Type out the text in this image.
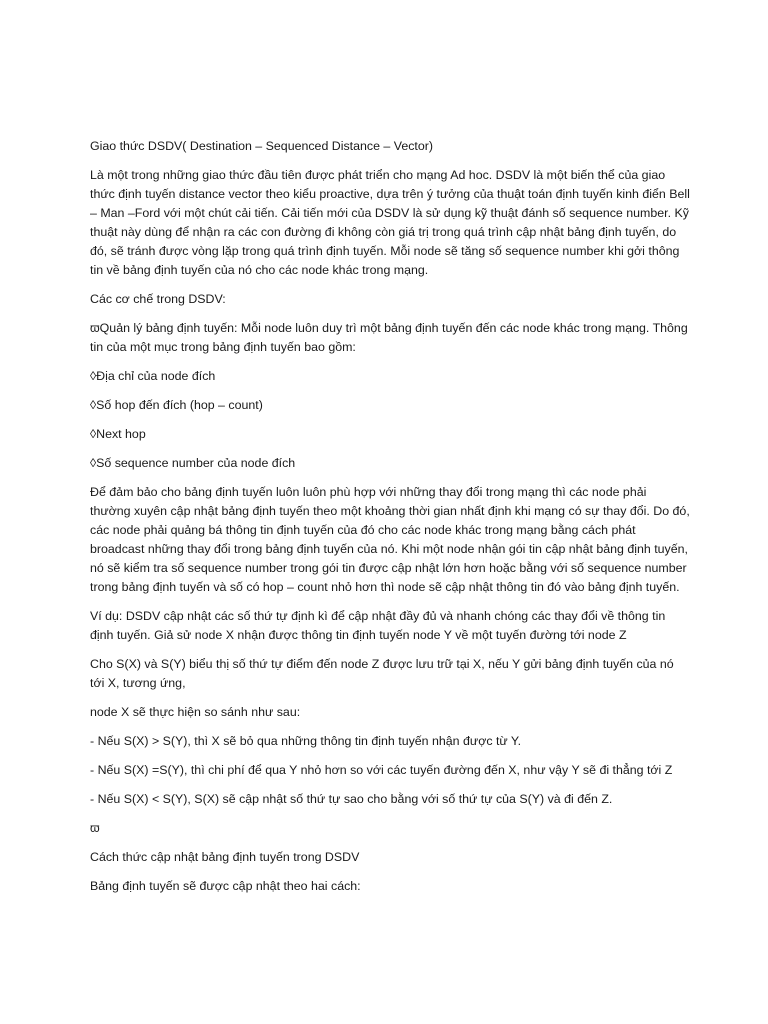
Giao thức DSDV( Destination – Sequenced Distance – Vector)

Là một trong những giao thức đầu tiên được phát triển cho mạng Ad hoc. DSDV là một biến thể của giao thức định tuyến distance vector theo kiểu proactive, dựa trên ý tưởng của thuật toán định tuyến kinh điển Bell – Man –Ford với một chút cải tiến. Cải tiến mới của DSDV là sử dụng kỹ thuật đánh số sequence number. Kỹ thuật này dùng để nhận ra các con đường đi không còn giá trị trong quá trình cập nhật bảng định tuyến, do đó, sẽ tránh được vòng lặp trong quá trình định tuyến. Mỗi node sẽ tăng số sequence number khi gởi thông tin về bảng định tuyến của nó cho các node khác trong mạng.

Các cơ chế trong DSDV:

ϖQuản lý bảng định tuyến: Mỗi node luôn duy trì một bảng định tuyến đến các node khác trong mạng. Thông tin của một mục trong bảng định tuyến bao gồm:

◊Địa chỉ của node đích

◊Số hop đến đích (hop – count)

◊Next hop

◊Số sequence number của node đích

Để đảm bảo cho bảng định tuyến luôn luôn phù hợp với những thay đổi trong mạng thì các node phải thường xuyên cập nhật bảng định tuyến theo một khoảng thời gian nhất định khi mạng có sự thay đổi. Do đó, các node phải quảng bá thông tin định tuyến của đó cho các node khác trong mạng bằng cách phát broadcast những thay đổi trong bảng định tuyến của nó. Khi một node nhận gói tin cập nhật bảng định tuyến, nó sẽ kiểm tra số sequence number trong gói tin được cập nhật lớn hơn hoặc bằng với số sequence number trong bảng định tuyến và số có hop – count nhỏ hơn thì node sẽ cập nhật thông tin đó vào bảng định tuyến.

Ví dụ: DSDV cập nhật các số thứ tự định kì để cập nhật đầy đủ và nhanh chóng các thay đổi về thông tin định tuyến. Giả sử node X nhận được thông tin định tuyến node Y về một tuyến đường tới node Z

Cho S(X) và S(Y) biểu thị số thứ tự điểm đến node Z được lưu trữ tại X, nếu Y gửi bảng định tuyến của nó tới X, tương ứng,

node X sẽ thực hiện so sánh như sau:

- Nếu S(X) > S(Y), thì X sẽ bỏ qua những thông tin định tuyến nhận được từ Y.

- Nếu S(X) =S(Y), thì chi phí để qua Y nhỏ hơn so với các tuyến đường đến X, như vậy Y sẽ đi thẳng tới Z

- Nếu S(X) < S(Y), S(X) sẽ cập nhật số thứ tự sao cho bằng với số thứ tự của S(Y) và đi đến Z.

ϖ

Cách thức cập nhật bảng định tuyến trong DSDV

Bảng định tuyến sẽ được cập nhật theo hai cách:
